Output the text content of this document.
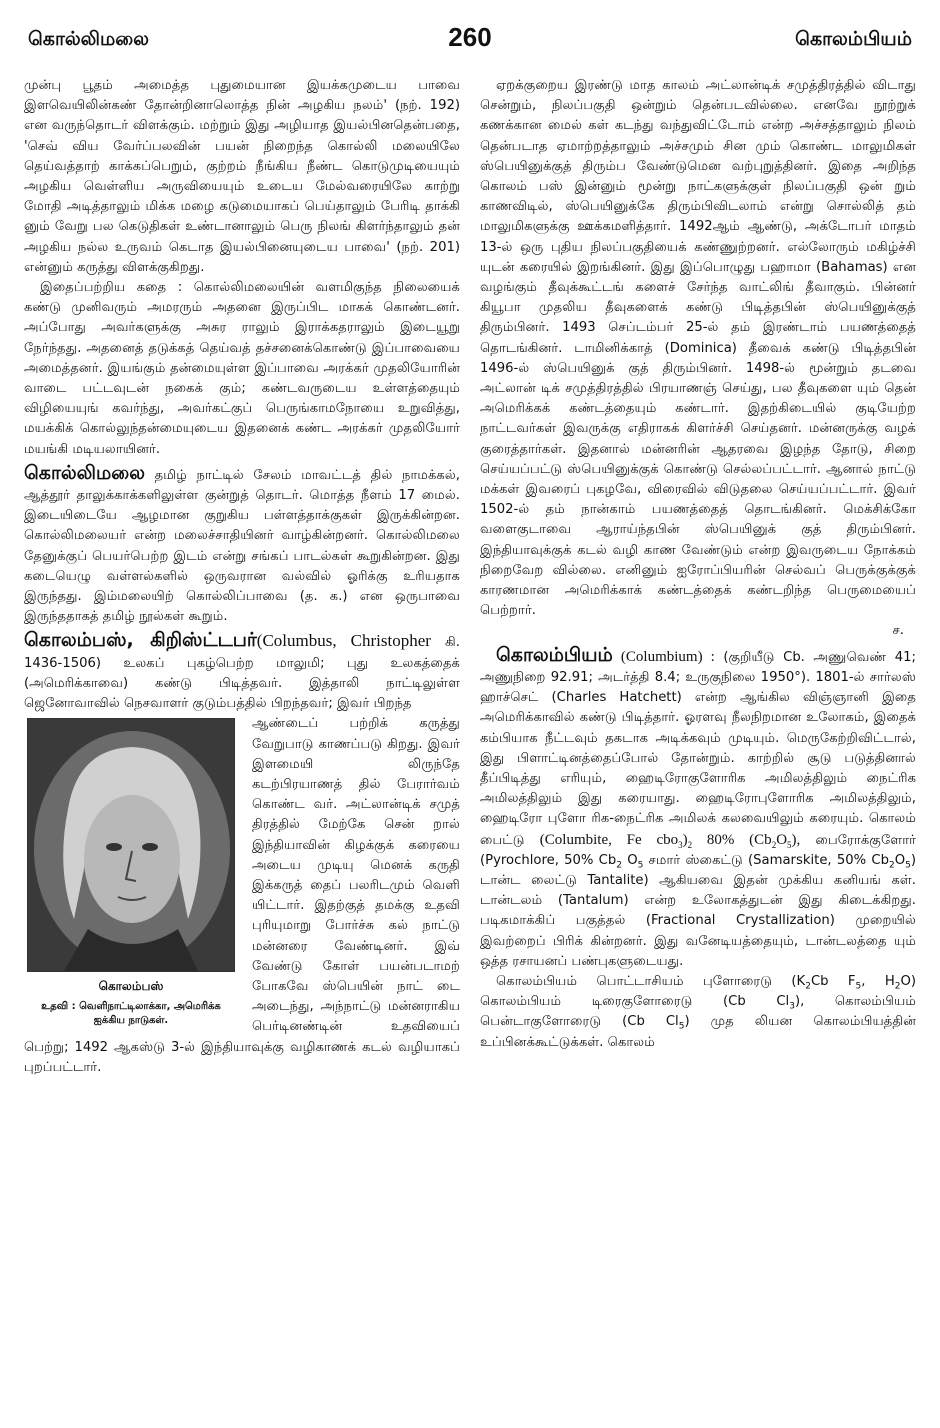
கொல்லிமலை	260	கொலம்பியம்

முன்பு பூதம் அமைத்த புதுமையான இயக்கமுடைய பாவை இளவெயிலின்கண் தோன்றினாலொத்த நின் அழகிய நலம்' (நற். 192) என வருந்தொடர் விளக்கும். மற்றும் இது அழியாத இயல்பினதென்பதை, 'செவ் விய வேர்ப்பலவின் பயன் நிறைந்த கொல்லி மலையிலே தெய்வத்தாற் காக்கப்பெறும், குற்றம் நீங்கிய நீண்ட கொடுமுடியையும் அழகிய வெள்ளிய அருவியையும் உடைய மேல்வரையிலே காற்று மோதி அடித்தாலும் மிக்க மழை கடுமையாகப் பெய்தாலும் பேரிடி தாக்கி னும் வேறு பல கெடுதிகள் உண்டானாலும் பெரு நிலங் கிளர்ந்தாலும் தன் அழகிய நல்ல உருவம் கெடாத இயல்பினையுடைய பாவை' (நற். 201) என்னும் கருத்து விளக்குகிறது.

இதைப்பற்றிய கதை : கொல்லிமலையின் வளமிகுந்த நிலையைக் கண்டு முனிவரும் அமரரும் அதனை இருப்பிட மாகக் கொண்டனர். அப்போது அவர்களுக்கு அசுர ராலும் இராக்கதராலும் இடையூறு நேர்ந்தது. அதனைத் தடுக்கத் தெய்வத் தச்சனைக்கொண்டு இப்பாவையை அமைத்தனர். இயங்கும் தன்மையுள்ள இப்பாவை அரக்கர் முதலியோரின் வாடை பட்டவுடன் நகைக் கும்; கண்டவருடைய உள்ளத்தையும் விழியையுங் கவர்ந்து, அவர்கட்குப் பெருங்காமநோயை உறுவித்து, மயக்கிக் கொல்லுந்தன்மையுடைய இதனைக் கண்ட அரக்கர் முதலியோர் மயங்கி மடியலாயினர்.

கொல்லிமலை தமிழ் நாட்டில் சேலம் மாவட்டத் தில் நாமக்கல், ஆத்தூர் தாலுக்காக்களிலுள்ள குன்றுத் தொடர். மொத்த நீளம் 17 மைல். இடையிடையே ஆழமான குறுகிய பள்ளத்தாக்குகள் இருக்கின்றன. கொல்லிமலையர் என்ற மலைச்சாதியினர் வாழ்கின்றனர். கொல்லிமலை தேனுக்குப் பெயர்பெற்ற இடம் என்று சங்கப் பாடல்கள் கூறுகின்றன. இது கடையெழு வள்ளல்களில் ஒருவரான வல்வில் ஓரிக்கு உரியதாக இருந்தது. இம்மலையிற் கொல்லிப்பாவை (த. க.) என ஒருபாவை இருந்ததாகத் தமிழ் நூல்கள் கூறும்.

கொலம்பஸ், கிறிஸ்ட்டபர்(Columbus, Christopher கி. 1436-1506) உலகப் புகழ்பெற்ற மாலுமி; புது உலகத்தைக் (அமெரிக்காவை) கண்டு பிடித்தவர். இத்தாலி நாட்டிலுள்ள ஜெனோவாவில் நெசவாளர் குடும்பத்தில் பிறந்தவர்; இவர் பிறந்த

கொலம்பஸ்
உதவி : வெளிநாட்டிலாக்கா, அமெரிக்க ஐக்கிய நாடுகள்.

ஆண்டைப் பற்றிக் கருத்து வேறுபாடு காணப்படு கிறது. இவர் இளமையி லிருந்தே கடற்பிரயாணத் தில் பேரார்வம் கொண்ட வர். அட்லான்டிக் சமுத் திரத்தில் மேற்கே சென் றால் இந்தியாவின் கிழக்குக் கரையை அடைய முடியு மெனக் கருதி இக்கருத் தைப் பலரிடமும் வெளி யிட்டார். இதற்குத் தமக்கு உதவி புரியுமாறு போர்ச்சு கல் நாட்டு மன்னரை வேண்டினர். இவ் வேண்டு கோள் பயன்படாமற் போகவே ஸ்பெயின் நாட் டை அடைந்து, அந்நாட்டு மன்னராகிய பெர்டினண்டின் உதவியைப் பெற்று; 1492 ஆகஸ்டு 3-ல் இந்தியாவுக்கு வழிகாணக் கடல் வழியாகப் புறப்பட்டார்.

ஏறக்குறைய இரண்டு மாத காலம் அட்லான்டிக் சமுத்திரத்தில் விடாது சென்றும், நிலப்பகுதி ஒன்றும் தென்படவில்லை. எனவே நூற்றுக் கணக்கான மைல் கள் கடந்து வந்துவிட்டோம் என்ற அச்சத்தாலும் நிலம் தென்படாத ஏமாற்றத்தாலும் அச்சமும் சின மும் கொண்ட மாலுமிகள் ஸ்பெயினுக்குத் திரும்ப வேண்டுமென வற்புறுத்தினர். இதை அறிந்த கொலம் பஸ் இன்னும் மூன்று நாட்களுக்குள் நிலப்பகுதி ஒன் றும் காணவிடில், ஸ்பெயினுக்கே திரும்பிவிடலாம் என்று சொல்லித் தம் மாலுமிகளுக்கு ஊக்கமளித்தார். 1492ஆம் ஆண்டு, அக்டோபர் மாதம் 13-ல் ஒரு புதிய நிலப்பகுதியைக் கண்ணுற்றனர். எல்லோரும் மகிழ்ச்சி யுடன் கரையில் இறங்கினர். இது இப்பொழுது பஹாமா (Bahamas) என வழங்கும் தீவுக்கூட்டங் களைச் சேர்ந்த வாட்லிங் தீவாகும். பின்னர் கியூபா முதலிய தீவுகளைக் கண்டு பிடித்தபின் ஸ்பெயினுக்குத் திரும்பினர். 1493 செப்டம்பர் 25-ல் தம் இரண்டாம் பயணத்தைத் தொடங்கினர். டாமினிக்காத் (Dominica) தீவைக் கண்டு பிடித்தபின் 1496-ல் ஸ்பெயினுக் குத் திரும்பினர். 1498-ல் மூன்றும் தடவை அட்லான் டிக் சமுத்திரத்தில் பிரயாணஞ் செய்து, பல தீவுகளை யும் தென் அமெரிக்கக் கண்டத்தையும் கண்டார். இதற்கிடையில் குடியேற்ற நாட்டவர்கள் இவருக்கு எதிராகக் கிளர்ச்சி செய்தனர். மன்னருக்கு வழக் குரைத்தார்கள். இதனால் மன்னரின் ஆதரவை இழந்த தோடு, சிறை செய்யப்பட்டு ஸ்பெயினுக்குக் கொண்டு செல்லப்பட்டார். ஆனால் நாட்டு மக்கள் இவரைப் புகழவே, விரைவில் விடுதலை செய்யப்பட்டார். இவர் 1502-ல் தம் நான்காம் பயணத்தைத் தொடங்கினர். மெக்சிக்கோ வளைகுடாவை ஆராய்ந்தபின் ஸ்பெயினுக் குத் திரும்பினர். இந்தியாவுக்குக் கடல் வழி காண வேண்டும் என்ற இவருடைய நோக்கம் நிறைவேற வில்லை. எனினும் ஐரோப்பியரின் செல்வப் பெருக்குக்குக் காரணமான அமெரிக்காக் கண்டத்தைக் கண்டறிந்த பெருமையைப் பெற்றார்.

ச.

கொலம்பியம் (Columbium) : (குறியீடு Cb. அணுவெண் 41; அணுநிறை 92.91; அடர்த்தி 8.4; உருகுநிலை 1950°). 1801-ல் சார்லஸ் ஹாச்செட் (Charles Hatchett) என்ற ஆங்கில விஞ்ஞானி இதை அமெரிக்காவில் கண்டு பிடித்தார். ஓரளவு நீலநிறமான உலோகம், இதைக் கம்பியாக நீட்டவும் தகடாக அடிக்கவும் முடியும். மெருகேற்றிவிட்டால், இது பிளாட்டினத்தைப்போல் தோன்றும். காற்றில் சூடு படுத்தினால் தீப்பிடித்து எரியும், ஹைடிரோகுளோரிக அமிலத்திலும் நைட்ரிக அமிலத்திலும் இது கரையாது. ஹைடிரோபுளோரிக அமிலத்திலும், ஹைடிரோ புளோ ரிக-நைட்ரிக அமிலக் கலவையிலும் கரையும். கொலம் பைட்டு (Columbite, Fe $cbo_3)_2$ 80% $(Cb_2O_5)$, பைரோக்குளோர் (Pyrochlore, 50% $Cb_2$ $O_5$ சமார் ஸ்கைட்டு (Samarskite, 50% $Cb_2O_5$) டான்ட லைட்டு Tantalite) ஆகியவை இதன் முக்கிய கனியங் கள். டான்டலம் (Tantalum) என்ற உலோகத்துடன் இது கிடைக்கிறது. படிகமாக்கிப் பகுத்தல் (Fractional Crystallization) முறையில் இவற்றைப் பிரிக் கின்றனர். இது வனேடியத்தையும், டான்டலத்தை யும் ஒத்த ரசாயனப் பண்புகளுடையது.

கொலம்பியம் பொட்டாசியம் புளோரைடு ($K_2Cb$ $F_5$, $H_2O$) கொலம்பியம் டிரைகுளோரைடு (Cb $Cl_3$), கொலம்பியம் பென்டாகுளோரைடு (Cb $Cl_5$) முத லியன கொலம்பியத்தின் உப்பினக்கூட்டுக்கள். கொலம்
